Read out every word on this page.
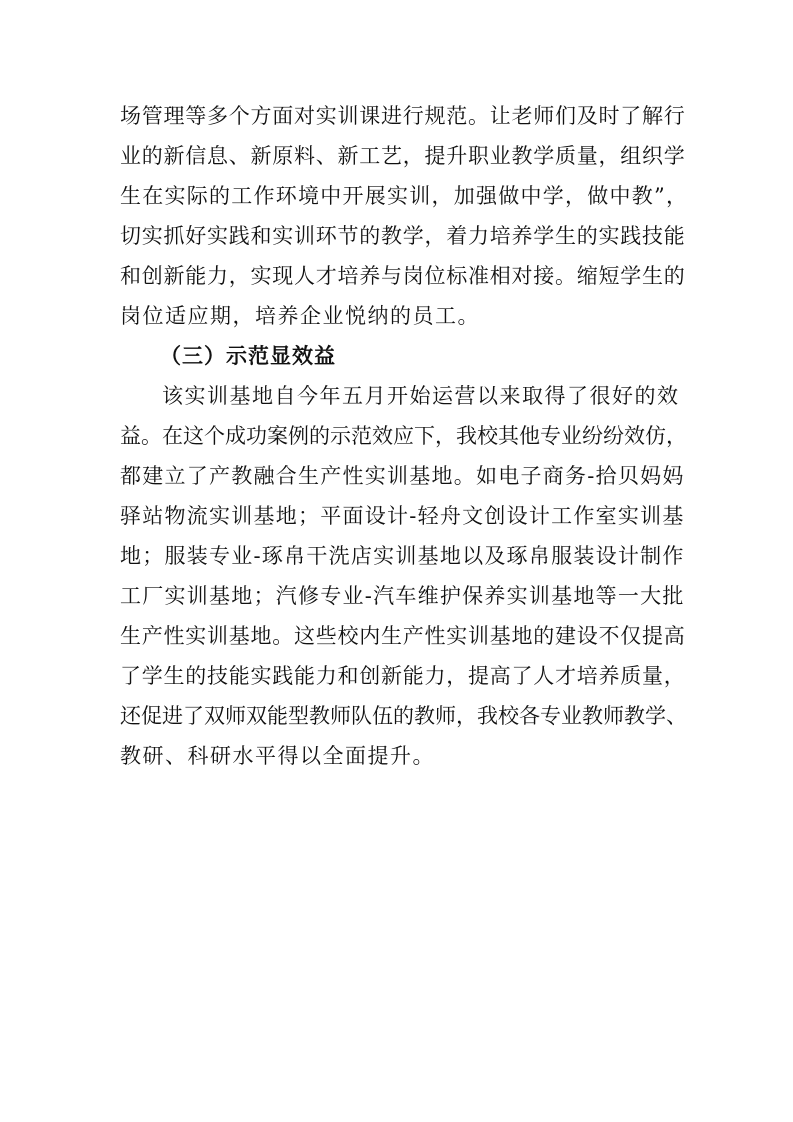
场管理等多个方面对实训课进行规范。让老师们及时了解行
业的新信息、新原料、新工艺，提升职业教学质量，组织学
生在实际的工作环境中开展实训，加强做中学，做中教”，
切实抓好实践和实训环节的教学，着力培养学生的实践技能
和创新能力，实现人才培养与岗位标准相对接。缩短学生的
岗位适应期，培养企业悦纳的员工。
（三）示范显效益
该实训基地自今年五月开始运营以来取得了很好的效
益。在这个成功案例的示范效应下，我校其他专业纷纷效仿，
都建立了产教融合生产性实训基地。如电子商务-拾贝妈妈
驿站物流实训基地；平面设计-轻舟文创设计工作室实训基
地；服装专业-琢帛干洗店实训基地以及琢帛服装设计制作
工厂实训基地；汽修专业-汽车维护保养实训基地等一大批
生产性实训基地。这些校内生产性实训基地的建设不仅提高
了学生的技能实践能力和创新能力，提高了人才培养质量，
还促进了双师双能型教师队伍的教师，我校各专业教师教学、
教研、科研水平得以全面提升。
